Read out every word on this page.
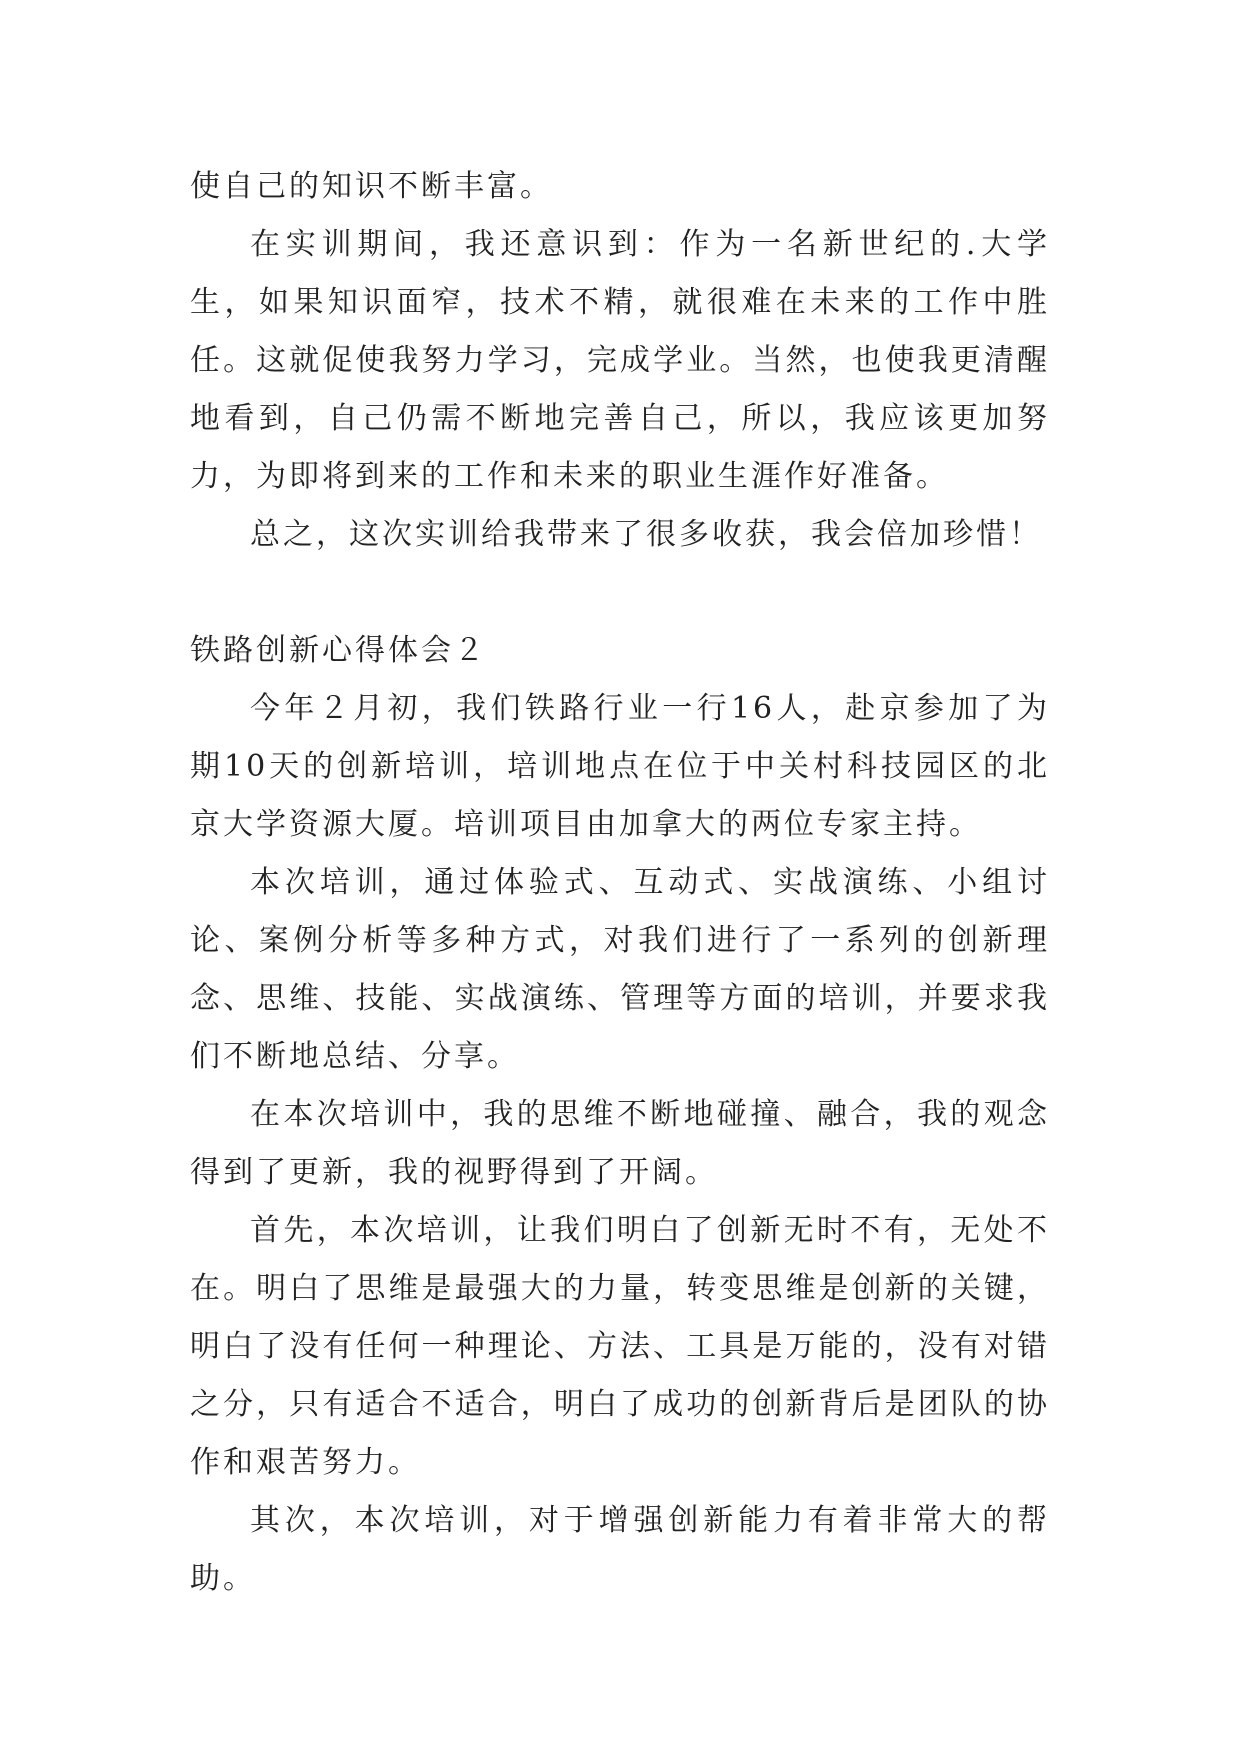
使自己的知识不断丰富。

在实训期间，我还意识到：作为一名新世纪的.大学生，如果知识面窄，技术不精，就很难在未来的工作中胜任。这就促使我努力学习，完成学业。当然，也使我更清醒地看到，自己仍需不断地完善自己，所以，我应该更加努力，为即将到来的工作和未来的职业生涯作好准备。

总之，这次实训给我带来了很多收获，我会倍加珍惜！

铁路创新心得体会２

今年２月初，我们铁路行业一行16人，赴京参加了为期10天的创新培训，培训地点在位于中关村科技园区的北京大学资源大厦。培训项目由加拿大的两位专家主持。

本次培训，通过体验式、互动式、实战演练、小组讨论、案例分析等多种方式，对我们进行了一系列的创新理念、思维、技能、实战演练、管理等方面的培训，并要求我们不断地总结、分享。

在本次培训中，我的思维不断地碰撞、融合，我的观念得到了更新，我的视野得到了开阔。

首先，本次培训，让我们明白了创新无时不有，无处不在。明白了思维是最强大的力量，转变思维是创新的关键，明白了没有任何一种理论、方法、工具是万能的，没有对错之分，只有适合不适合，明白了成功的创新背后是团队的协作和艰苦努力。

其次，本次培训，对于增强创新能力有着非常大的帮助。
